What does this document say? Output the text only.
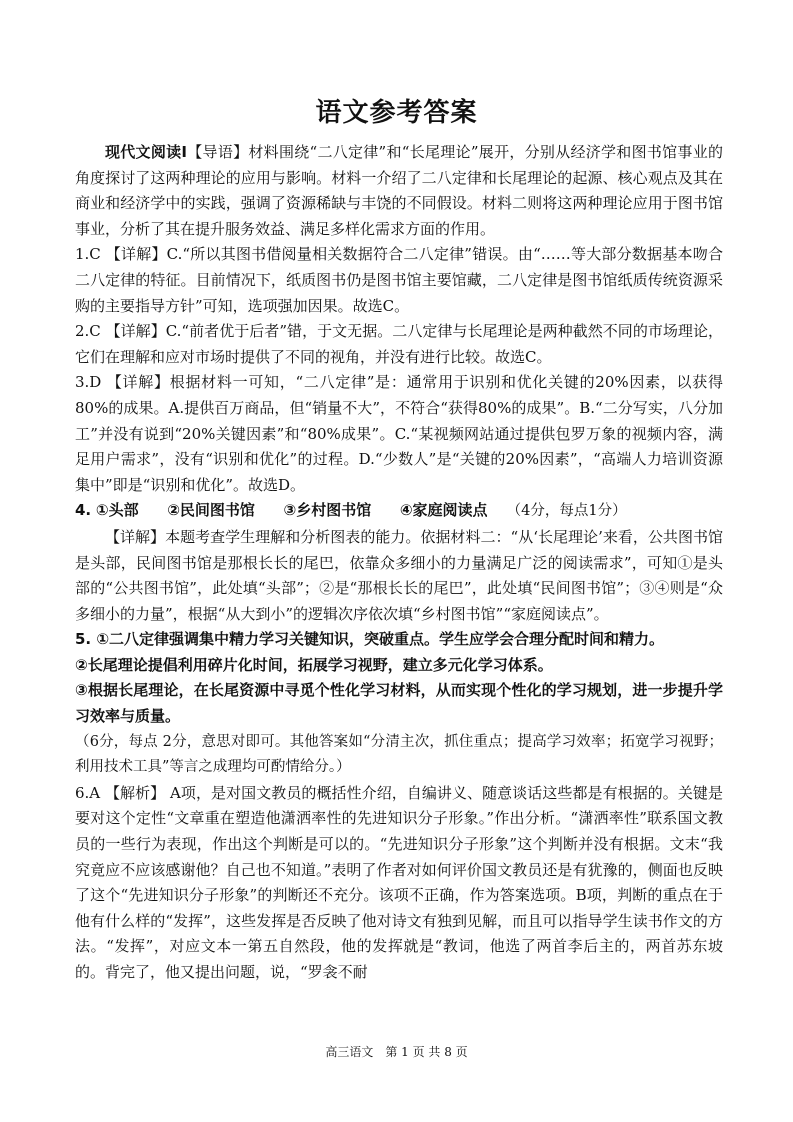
语文参考答案

现代文阅读Ⅰ【导语】材料围绕“二八定律”和“长尾理论”展开，分别从经济学和图书馆事业的角度探讨了这两种理论的应用与影响。材料一介绍了二八定律和长尾理论的起源、核心观点及其在商业和经济学中的实践，强调了资源稀缺与丰饶的不同假设。材料二则将这两种理论应用于图书馆事业，分析了其在提升服务效益、满足多样化需求方面的作用。

1.C 【详解】C.“所以其图书借阅量相关数据符合二八定律”错误。由“……等大部分数据基本吻合二八定律的特征。目前情况下，纸质图书仍是图书馆主要馆藏，二八定律是图书馆纸质传统资源采购的主要指导方针”可知，选项强加因果。故选C。

2.C 【详解】C.“前者优于后者”错，于文无据。二八定律与长尾理论是两种截然不同的市场理论，它们在理解和应对市场时提供了不同的视角，并没有进行比较。故选C。

3.D 【详解】根据材料一可知，“二八定律”是：通常用于识别和优化关键的20%因素，以获得80%的成果。A.提供百万商品，但“销量不大”，不符合“获得80%的成果”。B.“二分写实，八分加工”并没有说到“20%关键因素”和“80%成果”。C.“某视频网站通过提供包罗万象的视频内容，满足用户需求”，没有“识别和优化”的过程。D.“少数人”是“关键的20%因素”，“高端人力培训资源集中”即是“识别和优化”。故选D。

4. ①头部 ②民间图书馆 ③乡村图书馆 ④家庭阅读点 （4分，每点1分）

【详解】本题考查学生理解和分析图表的能力。依据材料二：“从‘长尾理论’来看，公共图书馆是头部，民间图书馆是那根长长的尾巴，依靠众多细小的力量满足广泛的阅读需求”，可知①是头部的“公共图书馆”，此处填“头部”；②是“那根长长的尾巴”，此处填“民间图书馆”；③④则是“众多细小的力量”，根据“从大到小”的逻辑次序依次填“乡村图书馆”“家庭阅读点”。

5. ①二八定律强调集中精力学习关键知识，突破重点。学生应学会合理分配时间和精力。

②长尾理论提倡利用碎片化时间，拓展学习视野，建立多元化学习体系。

③根据长尾理论，在长尾资源中寻觅个性化学习材料，从而实现个性化的学习规划，进一步提升学习效率与质量。

（6分，每点 2分，意思对即可。其他答案如“分清主次，抓住重点；提高学习效率；拓宽学习视野；利用技术工具”等言之成理均可酌情给分。）

6.A 【解析】 A项，是对国文教员的概括性介绍，自编讲义、随意谈话这些都是有根据的。关键是要对这个定性“文章重在塑造他潇洒率性的先进知识分子形象。”作出分析。“潇洒率性”联系国文教员的一些行为表现，作出这个判断是可以的。“先进知识分子形象”这个判断并没有根据。文末“我究竟应不应该感谢他？自己也不知道。”表明了作者对如何评价国文教员还是有犹豫的，侧面也反映了这个“先进知识分子形象”的判断还不充分。该项不正确，作为答案选项。B项，判断的重点在于他有什么样的“发挥”，这些发挥是否反映了他对诗文有独到见解，而且可以指导学生读书作文的方法。“发挥”，对应文本一第五自然段，他的发挥就是“教词，他选了两首李后主的，两首苏东坡的。背完了，他又提出问题，说，“罗衾不耐

高三语文　第 1 页 共 8 页
